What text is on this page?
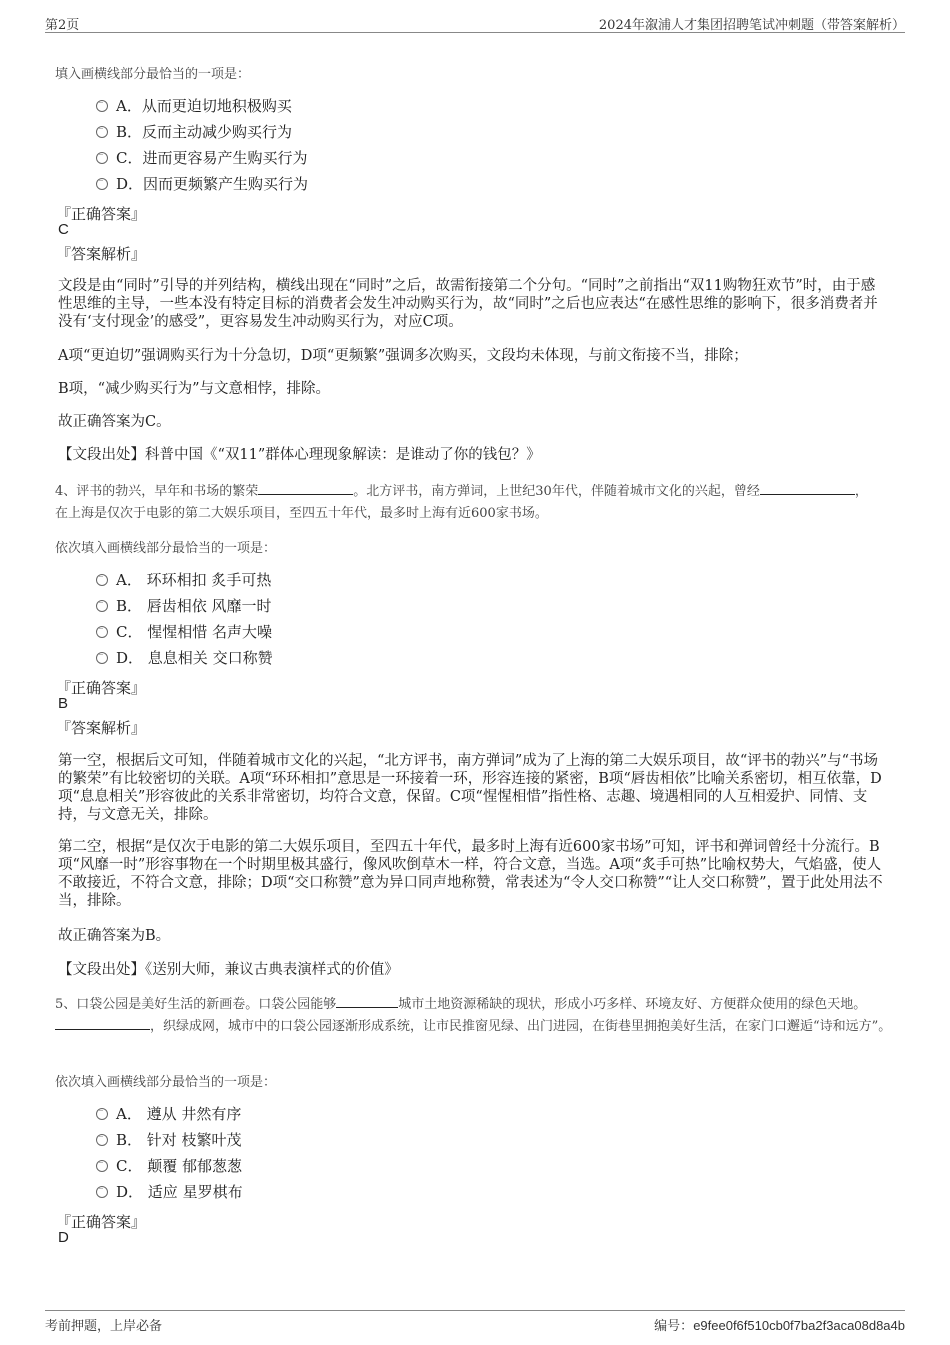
第2页	2024年溆浦人才集团招聘笔试冲刺题（带答案解析）
填入画横线部分最恰当的一项是：
A．从而更迫切地积极购买
B．反而主动减少购买行为
C．进而更容易产生购买行为
D．因而更频繁产生购买行为
『正确答案』
C
『答案解析』
文段是由“同时”引导的并列结构，横线出现在“同时”之后，故需衔接第二个分句。“同时”之前指出“双11购物狂欢节”时，由于感性思维的主导，一些本没有特定目标的消费者会发生冲动购买行为，故“同时”之后也应表达“在感性思维的影响下，很多消费者并没有‘支付现金’的感受”，更容易发生冲动购买行为，对应C项。
A项“更迫切”强调购买行为十分急切，D项“更频繁”强调多次购买，文段均未体现，与前文衔接不当，排除；
B项，“减少购买行为”与文意相悖，排除。
故正确答案为C。
【文段出处】科普中国《“双11”群体心理现象解读：是谁动了你的钱包？》
4、评书的勃兴，早年和书场的繁荣	。北方评书，南方弹词，上世纪30年代，伴随着城市文化的兴起，曾经	，
在上海是仅次于电影的第二大娱乐项目，至四五十年代，最多时上海有近600家书场。
依次填入画横线部分最恰当的一项是：
A． 环环相扣 炙手可热
B． 唇齿相依 风靡一时
C． 惺惺相惜 名声大噪
D． 息息相关 交口称赞
『正确答案』
B
『答案解析』
第一空，根据后文可知，伴随着城市文化的兴起，“北方评书，南方弹词”成为了上海的第二大娱乐项目，故“评书的勃兴”与“书场的繁荣”有比较密切的关联。A项“环环相扣”意思是一环接着一环，形容连接的紧密，B项“唇齿相依”比喻关系密切，相互依靠，D项“息息相关”形容彼此的关系非常密切，均符合文意，保留。C项“惺惺相惜”指性格、志趣、境遇相同的人互相爱护、同情、支持，与文意无关，排除。
第二空，根据“是仅次于电影的第二大娱乐项目，至四五十年代，最多时上海有近600家书场”可知，评书和弹词曾经十分流行。B项“风靡一时”形容事物在一个时期里极其盛行，像风吹倒草木一样，符合文意，当选。A项“炙手可热”比喻权势大，气焰盛，使人不敢接近，不符合文意，排除；D项“交口称赞”意为异口同声地称赞，常表述为“令人交口称赞”“让人交口称赞”，置于此处用法不当，排除。
故正确答案为B。
【文段出处】《送别大师，兼议古典表演样式的价值》
5、口袋公园是美好生活的新画卷。口袋公园能够	城市土地资源稀缺的现状，形成小巧多样、环境友好、方便群众使用的绿色天地。
，织绿成网，城市中的口袋公园逐渐形成系统，让市民推窗见绿、出门进园，在街巷里拥抱美好生活，在家门口邂逅“诗和远方”。
依次填入画横线部分最恰当的一项是：
A． 遵从 井然有序
B． 针对 枝繁叶茂
C． 颠覆 郁郁葱葱
D． 适应 星罗棋布
『正确答案』
D
考前押题，上岸必备	编号：e9fee0f6f510cb0f7ba2f3aca08d8a4b
